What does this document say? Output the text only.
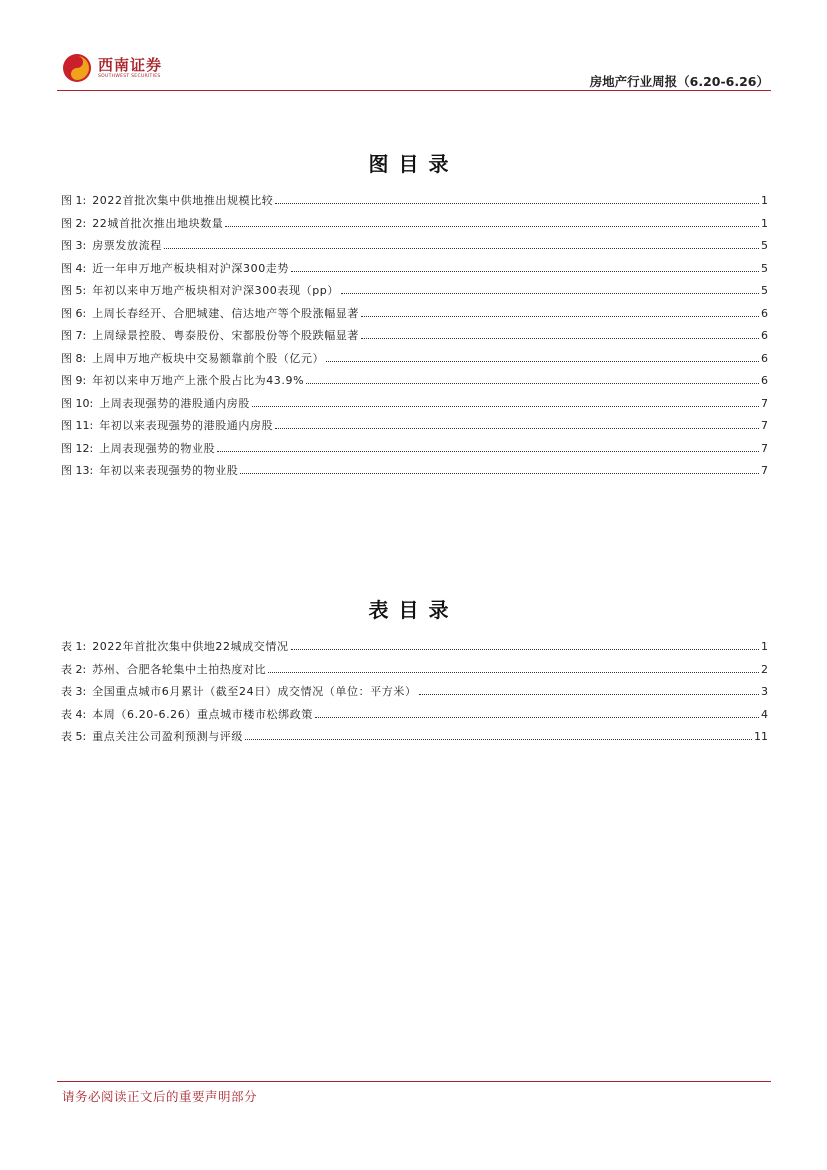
西南证券
SOUTHWEST SECURITIES	房地产行业周报（6.20-6.26）
图目录
图 1: 2022首批次集中供地推出规模比较	1
图 2: 22城首批次推出地块数量	1
图 3: 房票发放流程	5
图 4: 近一年申万地产板块相对沪深300走势	5
图 5: 年初以来申万地产板块相对沪深300表现（pp）	5
图 6: 上周长春经开、合肥城建、信达地产等个股涨幅显著	6
图 7: 上周绿景控股、粤泰股份、宋都股份等个股跌幅显著	6
图 8: 上周申万地产板块中交易额靠前个股（亿元）	6
图 9: 年初以来申万地产上涨个股占比为43.9%	6
图 10: 上周表现强势的港股通内房股	7
图 11: 年初以来表现强势的港股通内房股	7
图 12: 上周表现强势的物业股	7
图 13: 年初以来表现强势的物业股	7
表目录
表 1: 2022年首批次集中供地22城成交情况	1
表 2: 苏州、合肥各轮集中土拍热度对比	2
表 3: 全国重点城市6月累计（截至24日）成交情况（单位：平方米）	3
表 4: 本周（6.20-6.26）重点城市楼市松绑政策	4
表 5: 重点关注公司盈利预测与评级	11
请务必阅读正文后的重要声明部分
